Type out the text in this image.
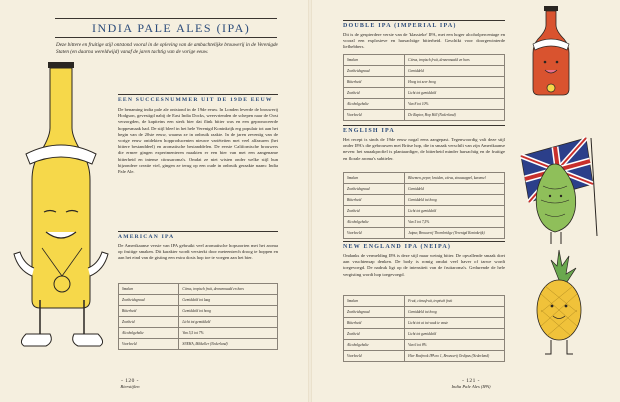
INDIA PALE ALES (IPA)
Deze bittere en fruitige stijl ontstond vooral in de opleving van de ambachtelijke brouwerij in de Verenigde Staten (en daarna wereldwijd) vanaf de jaren tachtig van de vorige eeuw.
EEN SUCCESNUMMER UIT DE 19DE EEUW
De benaming india pale ale ontstond in de 19de eeuw. In Londen leverde de brouwerij Hodgson, gevestigd nabij de East India Docks, weervrienden de schepen naar de Oost verzorgden, de kapiteins een sterk bier dat flink bitter was en een gepronoceerde hoppesmaak had. De stijl bleef in het hele Verenigd Koninkrijk erg populair tot aan het begin van de 20ste eeuw, waarna ze in onbruik raakte. In de jaren zeventig van de vorige eeuw ontdekten hopproducenten nieuwe variëteiten met veel alfazuren (het bittere bestanddeel) en aromatische bestanddelen. De eerste Californische brouwers die ermee gingen experimenteren maakten er een bier van met een aangename bitterheid en intense citrusaroma's. Omdat ze niet wisten onder welke stijl hun bijzondere creatie viel, gingen ze terug op een oude in onbruik geraakte naam: India Pale Ale.
AMERICAN IPA
De Amerikaanse versie van IPA gebruikt veel aromatische hopsoorten met het aroma op fruitige smaken. Dit karakter wordt versterkt door meteentrech droog te hoppen en aan het eind van de gisting een extra dosis hop toe te voegen aan het bier.
Smaken	Citrus, tropisch fruit, dennennaald en hars
Zoetheidsgraad	Gemiddeld tot laag
Bitterheid	Gemiddeld tot hoog
Zoetheid	Licht tot gemiddeld
Alcoholgehalte	Van 5,5 tot 7%
Voorbeeld	SNEHA, Mikkeller (Nederland)
- 120 -
Bierstijlen
DOUBLE IPA (IMPERIAL IPA)
Dit is de gespierdere versie van de 'klassieke' IPA, met een hoger alcoholpercentage en vooral een explosieve en harsachtige bitterheid. Geschikt voor doorgewinterde liefhebbers.
Smaken	Citrus, tropisch fruit, dennennaald en hars
Zoetheidsgraad	Gemiddeld
Bitterheid	Hoog tot zeer hoog
Zoetheid	Licht tot gemiddeld
Alcoholgehalte	Van 8 tot 10%
Voorbeeld	De Raptor, Hop Hill (Nederland)
ENGLISH IPA
Het recept is sinds de 19de eeuw nogal eens aangepast. Tegenwoordig valt deze stijl onder IPA's die gebrouwen met Britse hop, die in smaak verschilt van zijn Amerikaanse neven: het smaakprofiel is plantaardiger, de bitterheid minder harsachtig en de fruitige en florale aroma's subtieler.
Smaken	Bloemen, peper, kruiden, citrus, sinaasappel, karamel
Zoetheidsgraad	Gemiddeld
Bitterheid	Gemiddeld tot hoog
Zoetheid	Licht tot gemiddeld
Alcoholgehalte	Van 5 tot 7,5%
Voorbeeld	Jaipur, Brouwerij Thornbridge (Verenigd Koninkrijk)
NEW ENGLAND IPA (NEIPA)
Ondanks de vermelding IPA is deze stijl maar weinig bitter. De opvallende smaak doet aan vruchtensap denken. De body is romig omdat veel haver of tarwe wordt toegevoegd. De nadruk ligt op de intensiteit van de fruitaroma's. Gedurende de hele vergisting wordt hop toegevoegd.
Smaken	Fruit, citrusfruit, tropisch fruit
Zoetheidsgraad	Gemiddeld tot hoog
Bitterheid	Licht tot at tot vaak te vaste
Zoetheid	Licht tot gemiddeld
Alcoholgehalte	Van 6 tot 8%
Voorbeeld	Hier Bosfrook IPA no 1, Brouwerij Oedipus (Nederland)
- 121 -
India Pale Ales (IPA)
